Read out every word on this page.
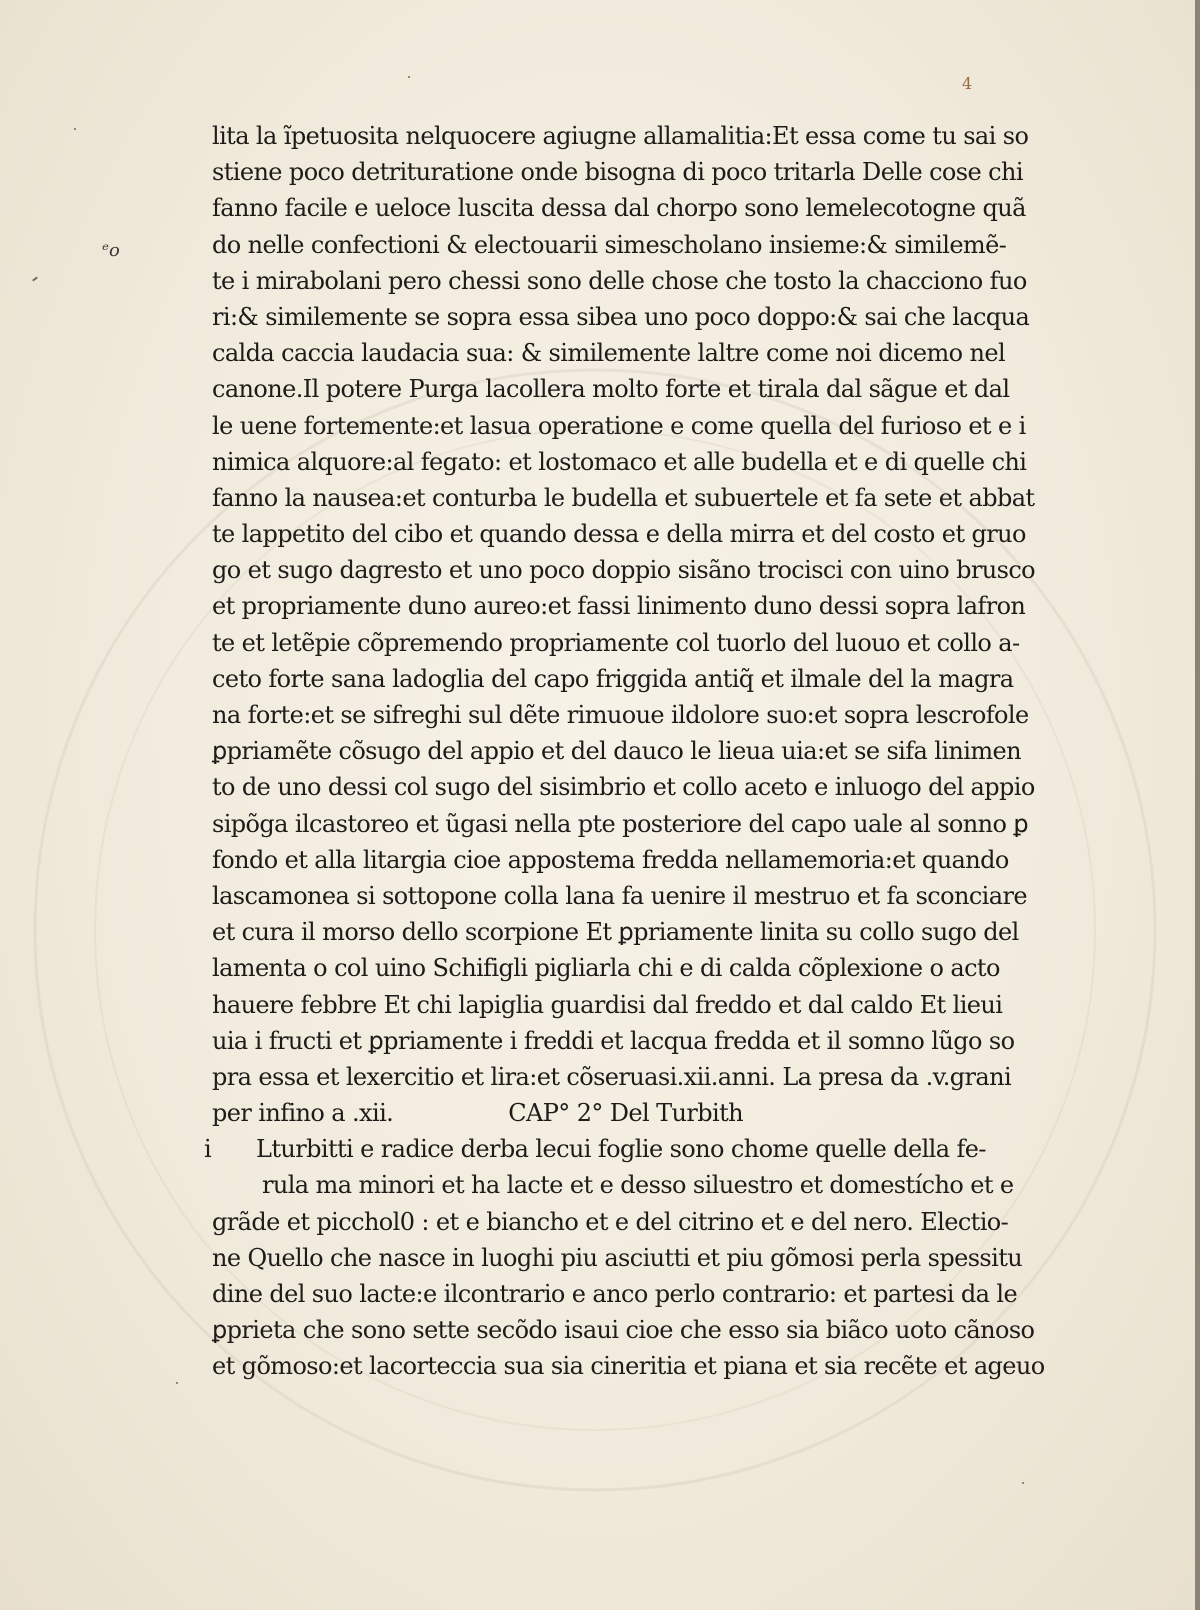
4
ᵉo
lita la ĩpetuosita nelquocere agiugne allamalitia:Et essa come tu sai so
stiene poco detrituratione onde bisogna di poco tritarla Delle cose chi
fanno facile e ueloce luscita dessa dal chorpo sono lemelecotogne quã
do nelle confectioni & electouarii simescholano insieme:& similemẽ-
te i mirabolani pero chessi sono delle chose che tosto la chacciono fuo
ri:& similemente se sopra essa sibea uno poco doppo:& sai che lacqua
calda caccia laudacia sua: & similemente laltre come noi dicemo nel
canone.Il potere Purga lacollera molto forte et tirala dal sãgue et dal
le uene fortemente:et lasua operatione e come quella del furioso et e i
nimica alquore:al fegato: et lostomaco et alle budella et e di quelle chi
fanno la nausea:et conturba le budella et subuertele et fa sete et abbat
te lappetito del cibo et quando dessa e della mirra et del costo et gruo
go et sugo dagresto et uno poco doppio sisãno trocisci con uino brusco
et propriamente duno aureo:et fassi linimento duno dessi sopra lafron
te et letẽpie cõpremendo propriamente col tuorlo del luouo et collo a-
ceto forte sana ladoglia del capo friggida antiq̃ et ilmale del la magra
na forte:et se sifreghi sul dẽte rimuoue ildolore suo:et sopra lescrofole
ꝑpriamẽte cõsugo del appio et del dauco le lieua uia:et se sifa linimen
to de uno dessi col sugo del sisimbrio et collo aceto e inluogo del appio
sipõga ilcastoreo et ũgasi nella pte posteriore del capo uale al sonno ꝑ
fondo et alla litargia cioe appostema fredda nellamemoria:et quando
lascamonea si sottopone colla lana fa uenire il mestruo et fa sconciare
et cura il morso dello scorpione Et ꝑpriamente linita su collo sugo del
lamenta o col uino Schifigli pigliarla chi e di calda cõplexione o acto
hauere febbre Et chi lapiglia guardisi dal freddo et dal caldo Et lieui
uia i fructi et ꝑpriamente i freddi et lacqua fredda et il somno lũgo so
pra essa et lexercitio et lira:et cõseruasi.xii.anni. La presa da .v.grani
per infino a .xii.	CAP° 2° Del Turbith
i Lturbitti e radice derba lecui foglie sono chome quelle della fe-
rula ma minori et ha lacte et e desso siluestro et domestícho et e
grãde et picchol0 : et e biancho et e del citrino et e del nero. Electio-
ne Quello che nasce in luoghi piu asciutti et piu gõmosi perla spessitu
dine del suo lacte:e ilcontrario e anco perlo contrario: et partesi da le
ꝑprieta che sono sette secõdo isaui cioe che esso sia biãco uoto cãnoso
et gõmoso:et lacorteccia sua sia cineritia et piana et sia recẽte et ageuo
